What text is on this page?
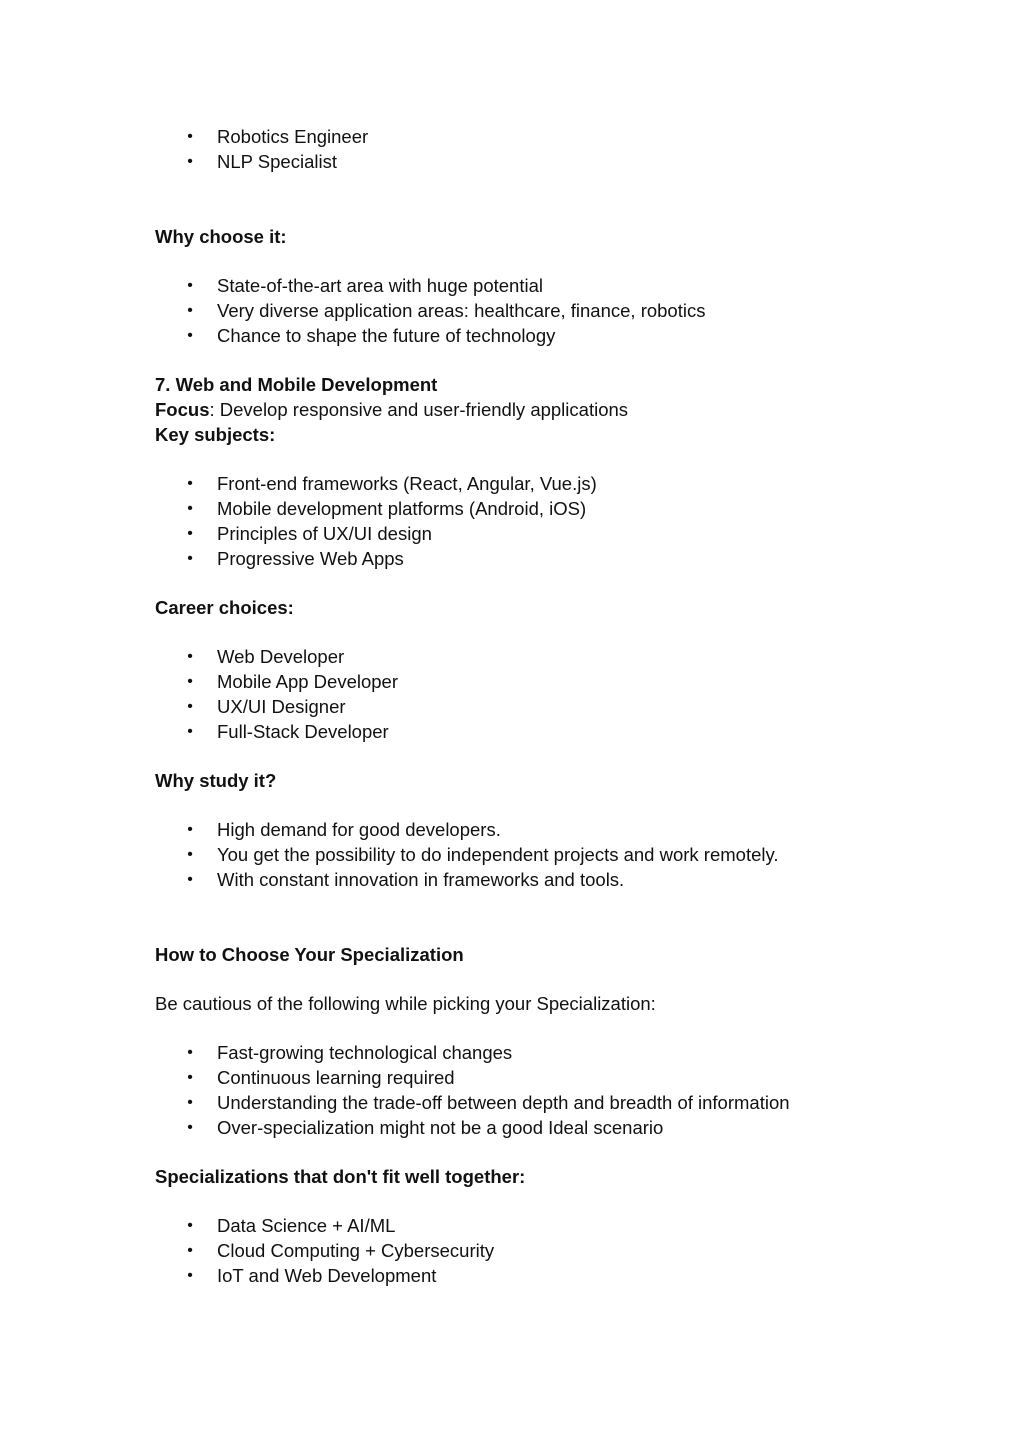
• Robotics Engineer
• NLP Specialist
Why choose it:
• State-of-the-art area with huge potential
• Very diverse application areas: healthcare, finance, robotics
• Chance to shape the future of technology
7. Web and Mobile Development
Focus: Develop responsive and user-friendly applications
Key subjects:
• Front-end frameworks (React, Angular, Vue.js)
• Mobile development platforms (Android, iOS)
• Principles of UX/UI design
• Progressive Web Apps
Career choices:
• Web Developer
• Mobile App Developer
• UX/UI Designer
• Full-Stack Developer
Why study it?
• High demand for good developers.
• You get the possibility to do independent projects and work remotely.
• With constant innovation in frameworks and tools.
How to Choose Your Specialization
Be cautious of the following while picking your Specialization:
• Fast-growing technological changes
• Continuous learning required
• Understanding the trade-off between depth and breadth of information
• Over-specialization might not be a good Ideal scenario
Specializations that don't fit well together:
• Data Science + AI/ML
• Cloud Computing + Cybersecurity
• IoT and Web Development
